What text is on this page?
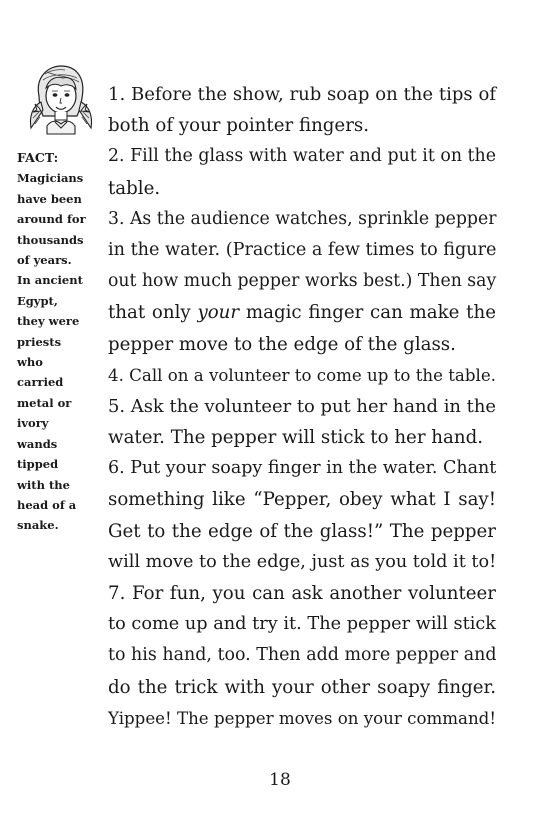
FACT:
Magicians
have been
around for
thousands
of years.
In ancient
Egypt,
they were
priests
who
carried
metal or
ivory
wands
tipped
with the
head of a
snake.
1. Before the show, rub soap on the tips of
both of your pointer fingers.
2. Fill the glass with water and put it on the
table.
3. As the audience watches, sprinkle pepper
in the water. (Practice a few times to figure
out how much pepper works best.) Then say
that only your magic finger can make the
pepper move to the edge of the glass.
4. Call on a volunteer to come up to the table.
5. Ask the volunteer to put her hand in the
water. The pepper will stick to her hand.
6. Put your soapy finger in the water. Chant
something like “Pepper, obey what I say!
Get to the edge of the glass!” The pepper
will move to the edge, just as you told it to!
7. For fun, you can ask another volunteer
to come up and try it. The pepper will stick
to his hand, too. Then add more pepper and
do the trick with your other soapy finger.
Yippee! The pepper moves on your command!
18
